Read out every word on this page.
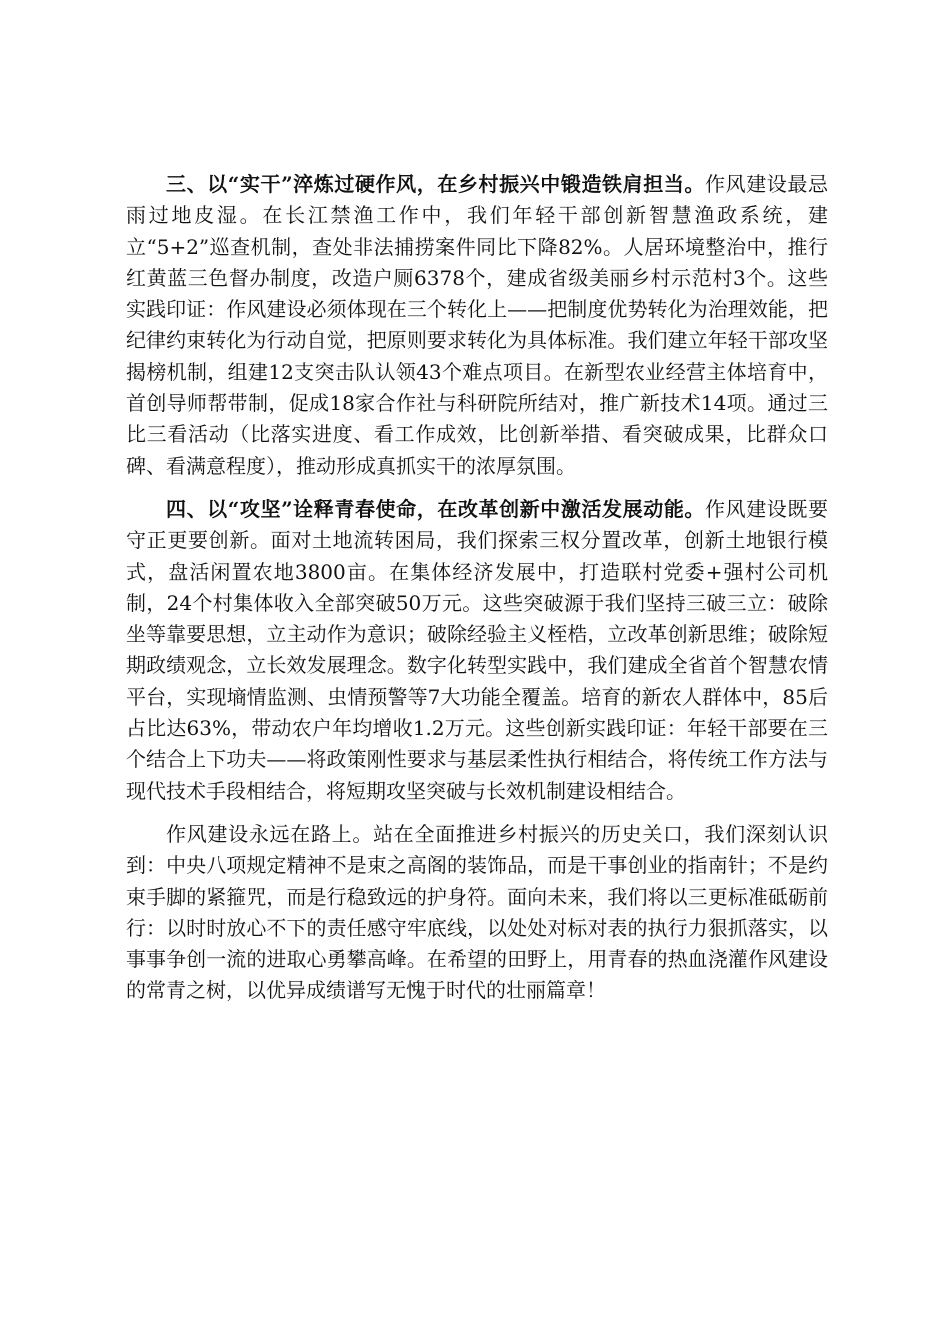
三、以“实干”淬炼过硬作风，在乡村振兴中锻造铁肩担当。作风建设最忌雨过地皮湿。在长江禁渔工作中，我们年轻干部创新智慧渔政系统，建立“5+2”巡查机制，查处非法捕捞案件同比下降82%。人居环境整治中，推行红黄蓝三色督办制度，改造户厕6378个，建成省级美丽乡村示范村3个。这些实践印证：作风建设必须体现在三个转化上——把制度优势转化为治理效能，把纪律约束转化为行动自觉，把原则要求转化为具体标准。我们建立年轻干部攻坚揭榜机制，组建12支突击队认领43个难点项目。在新型农业经营主体培育中，首创导师帮带制，促成18家合作社与科研院所结对，推广新技术14项。通过三比三看活动（比落实进度、看工作成效，比创新举措、看突破成果，比群众口碑、看满意程度），推动形成真抓实干的浓厚氛围。

四、以“攻坚”诠释青春使命，在改革创新中激活发展动能。作风建设既要守正更要创新。面对土地流转困局，我们探索三权分置改革，创新土地银行模式，盘活闲置农地3800亩。在集体经济发展中，打造联村党委+强村公司机制，24个村集体收入全部突破50万元。这些突破源于我们坚持三破三立：破除坐等靠要思想，立主动作为意识；破除经验主义桎梏，立改革创新思维；破除短期政绩观念，立长效发展理念。数字化转型实践中，我们建成全省首个智慧农情平台，实现墒情监测、虫情预警等7大功能全覆盖。培育的新农人群体中，85后占比达63%，带动农户年均增收1.2万元。这些创新实践印证：年轻干部要在三个结合上下功夫——将政策刚性要求与基层柔性执行相结合，将传统工作方法与现代技术手段相结合，将短期攻坚突破与长效机制建设相结合。

作风建设永远在路上。站在全面推进乡村振兴的历史关口，我们深刻认识到：中央八项规定精神不是束之高阁的装饰品，而是干事创业的指南针；不是约束手脚的紧箍咒，而是行稳致远的护身符。面向未来，我们将以三更标准砥砺前行：以时时放心不下的责任感守牢底线，以处处对标对表的执行力狠抓落实，以事事争创一流的进取心勇攀高峰。在希望的田野上，用青春的热血浇灌作风建设的常青之树，以优异成绩谱写无愧于时代的壮丽篇章！
